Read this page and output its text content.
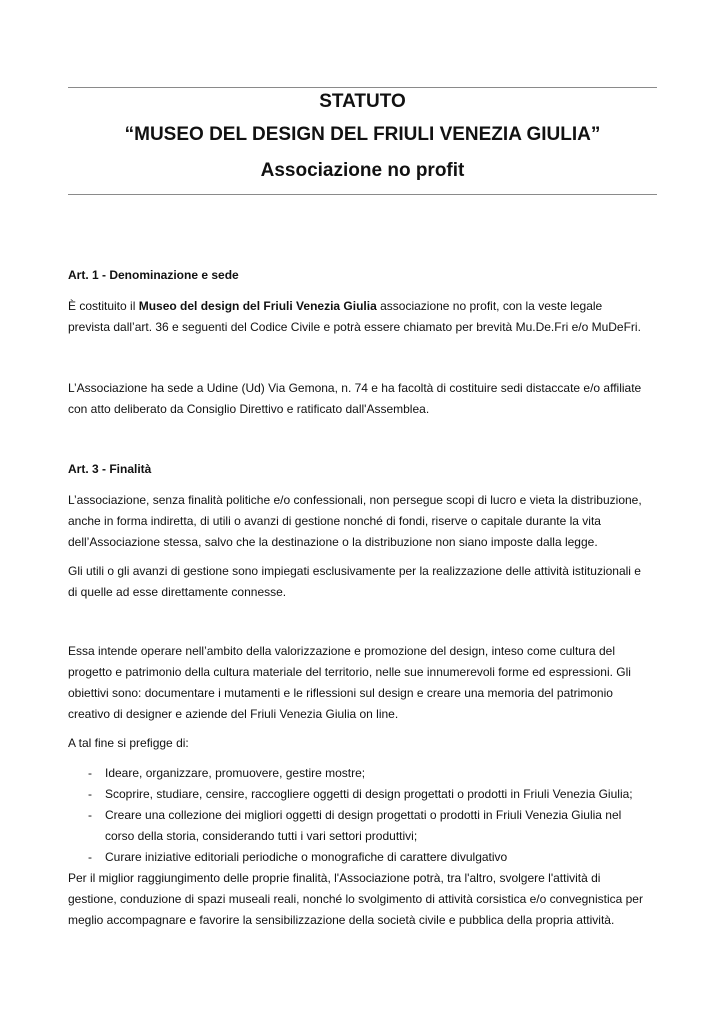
STATUTO
“MUSEO DEL DESIGN DEL FRIULI VENEZIA GIULIA”
Associazione no profit
Art. 1 - Denominazione e sede

È costituito il Museo del design del Friuli Venezia Giulia associazione no profit, con la veste legale
prevista dall’art. 36 e seguenti del Codice Civile e potrà essere chiamato per brevità Mu.De.Fri e/o MuDeFri.

L’Associazione ha sede a Udine (Ud) Via Gemona, n. 74 e ha facoltà di costituire sedi distaccate e/o affiliate
con atto deliberato da Consiglio Direttivo e ratificato dall'Assemblea.

Art. 3 - Finalità

L’associazione, senza finalità politiche e/o confessionali, non persegue scopi di lucro e vieta la distribuzione,
anche in forma indiretta, di utili o avanzi di gestione nonché di fondi, riserve o capitale durante la vita
dell’Associazione stessa, salvo che la destinazione o la distribuzione non siano imposte dalla legge.

Gli utili o gli avanzi di gestione sono impiegati esclusivamente per la realizzazione delle attività istituzionali e
di quelle ad esse direttamente connesse.

Essa intende operare nell’ambito della valorizzazione e promozione del design, inteso come cultura del
progetto e patrimonio della cultura materiale del territorio, nelle sue innumerevoli forme ed espressioni. Gli
obiettivi sono: documentare i mutamenti e le riflessioni sul design e creare una memoria del patrimonio
creativo di designer e aziende del Friuli Venezia Giulia on line.

A tal fine si prefigge di:

- Ideare, organizzare, promuovere, gestire mostre;
- Scoprire, studiare, censire, raccogliere oggetti di design progettati o prodotti in Friuli Venezia Giulia;
- Creare una collezione dei migliori oggetti di design progettati o prodotti in Friuli Venezia Giulia nel
corso della storia, considerando tutti i vari settori produttivi;
- Curare iniziative editoriali periodiche o monografiche di carattere divulgativo

Per il miglior raggiungimento delle proprie finalità, l'Associazione potrà, tra l'altro, svolgere l'attività di
gestione, conduzione di spazi museali reali, nonché lo svolgimento di attività corsistica e/o convegnistica per
meglio accompagnare e favorire la sensibilizzazione della società civile e pubblica della propria attività.
